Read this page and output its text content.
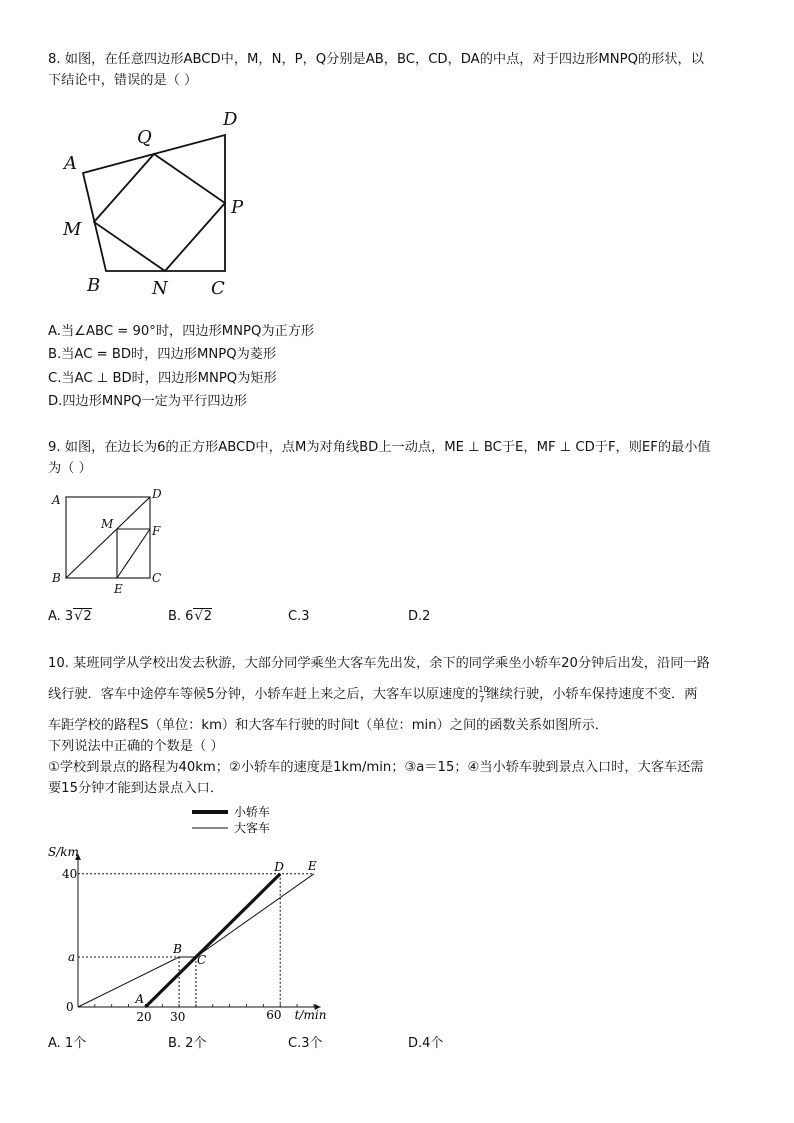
8. 如图，在任意四边形ABCD中，M，N，P，Q分别是AB，BC，CD，DA的中点，对于四边形MNPQ的形状，以
下结论中，错误的是（ ）
A
B	C
D
M
N
P
Q
A.当∠ABC = 90°时，四边形MNPQ为正方形
B.当AC = BD时，四边形MNPQ为菱形
C.当AC ⊥ BD时，四边形MNPQ为矩形
D.四边形MNPQ一定为平行四边形
9. 如图，在边长为6的正方形ABCD中，点M为对角线BD上一动点，ME ⊥ BC于E，MF ⊥ CD于F，则EF的最小值
为（ ）
A	D
B	C
M	F
E
A. 3√2	B. 6√2	C.3	D.2
10. 某班同学从学校出发去秋游，大部分同学乘坐大客车先出发，余下的同学乘坐小轿车20分钟后出发，沿同一路
线行驶．客车中途停车等候5分钟，小轿车赶上来之后，大客车以原速度的 10
7 继续行驶，小轿车保持速度不变．两
车距学校的路程S（单位：km）和大客车行驶的时间t（单位：min）之间的函数关系如图所示．
下列说法中正确的个数是（ ）
①学校到景点的路程为40km；②小轿车的速度是1km/min；③a＝15；④当小轿车驶到景点入口时，大客车还需
要15分钟才能到达景点入口．
小轿车
大客车
S/km
t/min
20 30	60
0
a
40
A
B
C
D E
A. 1个	B. 2个	C.3个	D.4个
